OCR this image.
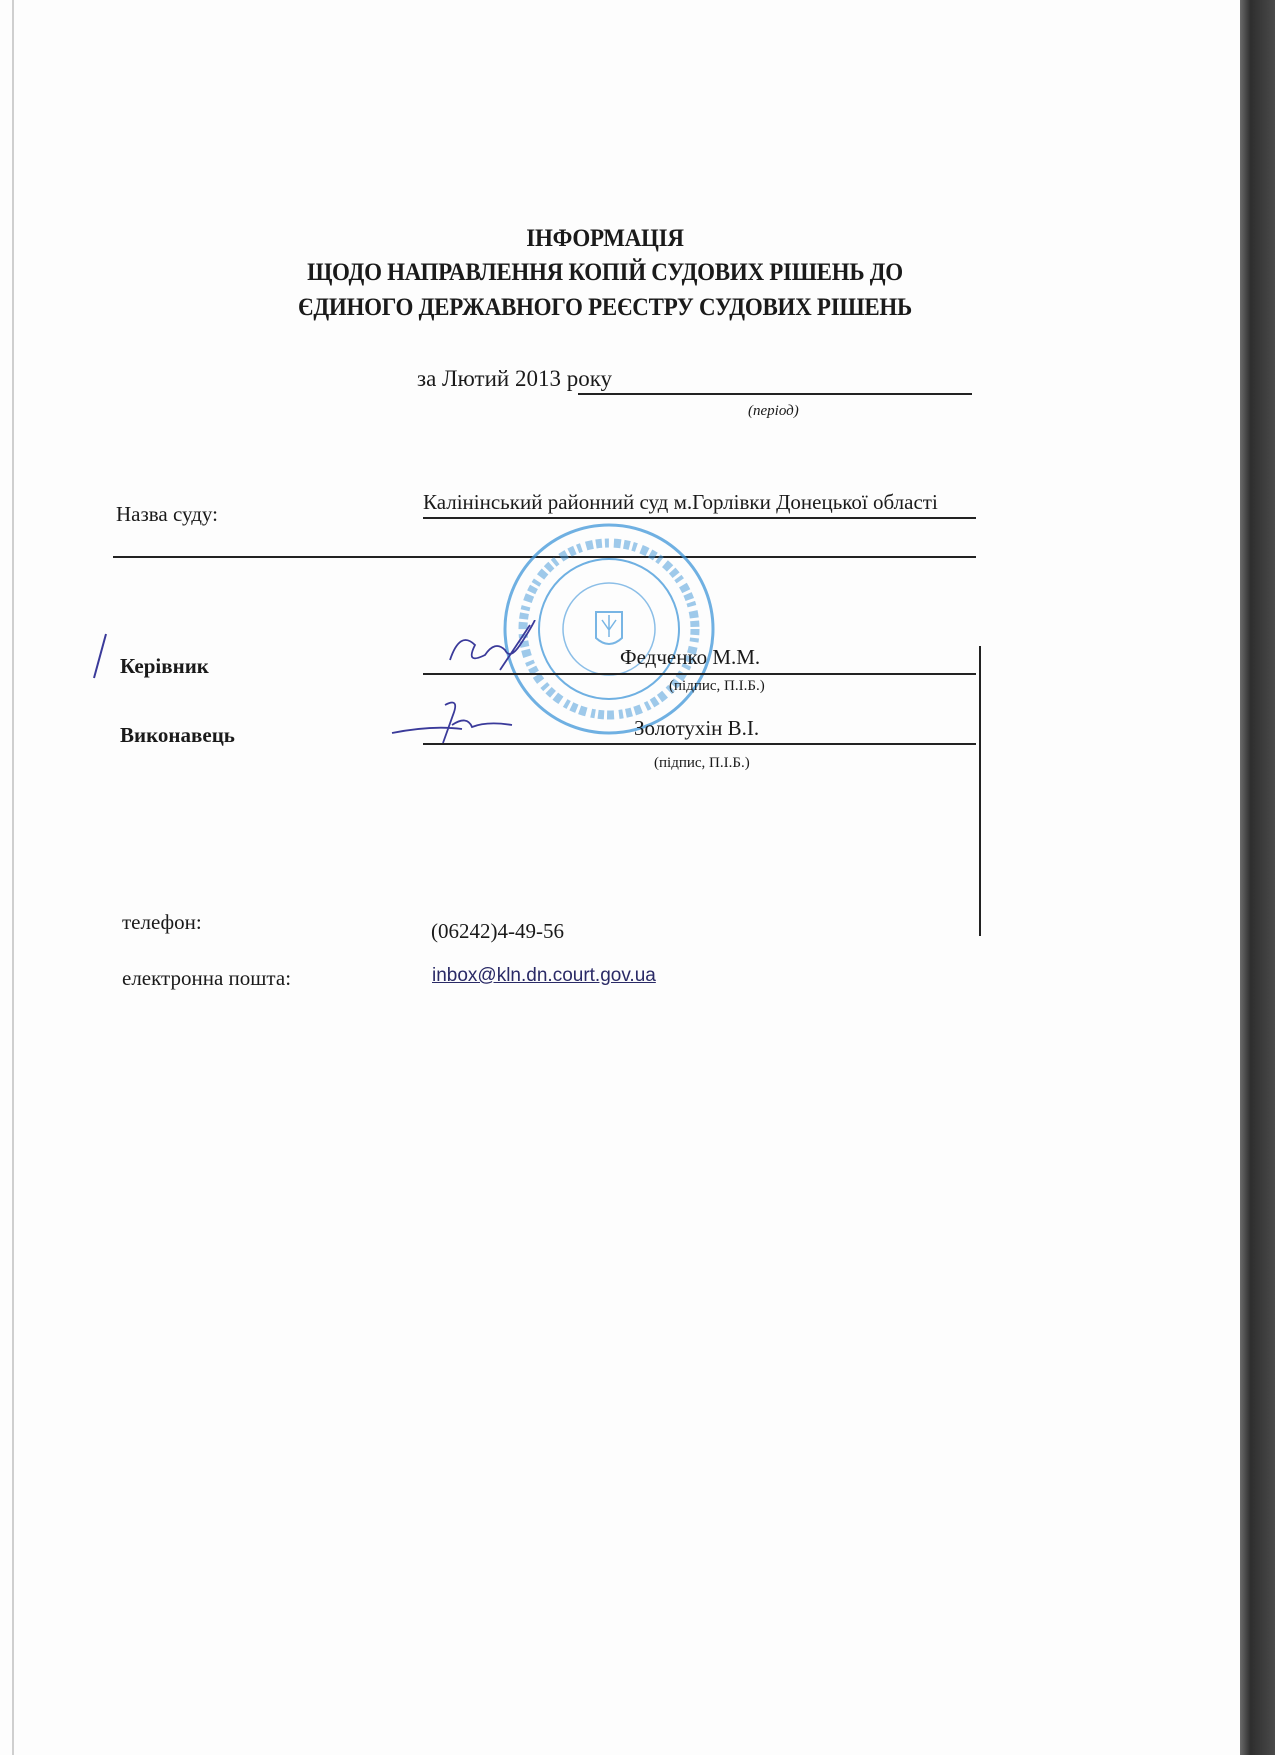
ІНФОРМАЦІЯ
ЩОДО НАПРАВЛЕННЯ КОПІЙ СУДОВИХ РІШЕНЬ ДО
ЄДИНОГО ДЕРЖАВНОГО РЕЄСТРУ СУДОВИХ РІШЕНЬ
за Лютий 2013 року
(період)
Назва суду:	Калінінський районний суд м.Горлівки Донецької області
Керівник	Федченко М.М.
(підпис, П.І.Б.)
Виконавець	Золотухін В.І.
(підпис, П.І.Б.)
телефон:	(06242)4-49-56
електронна пошта:	inbox@kln.dn.court.gov.ua
